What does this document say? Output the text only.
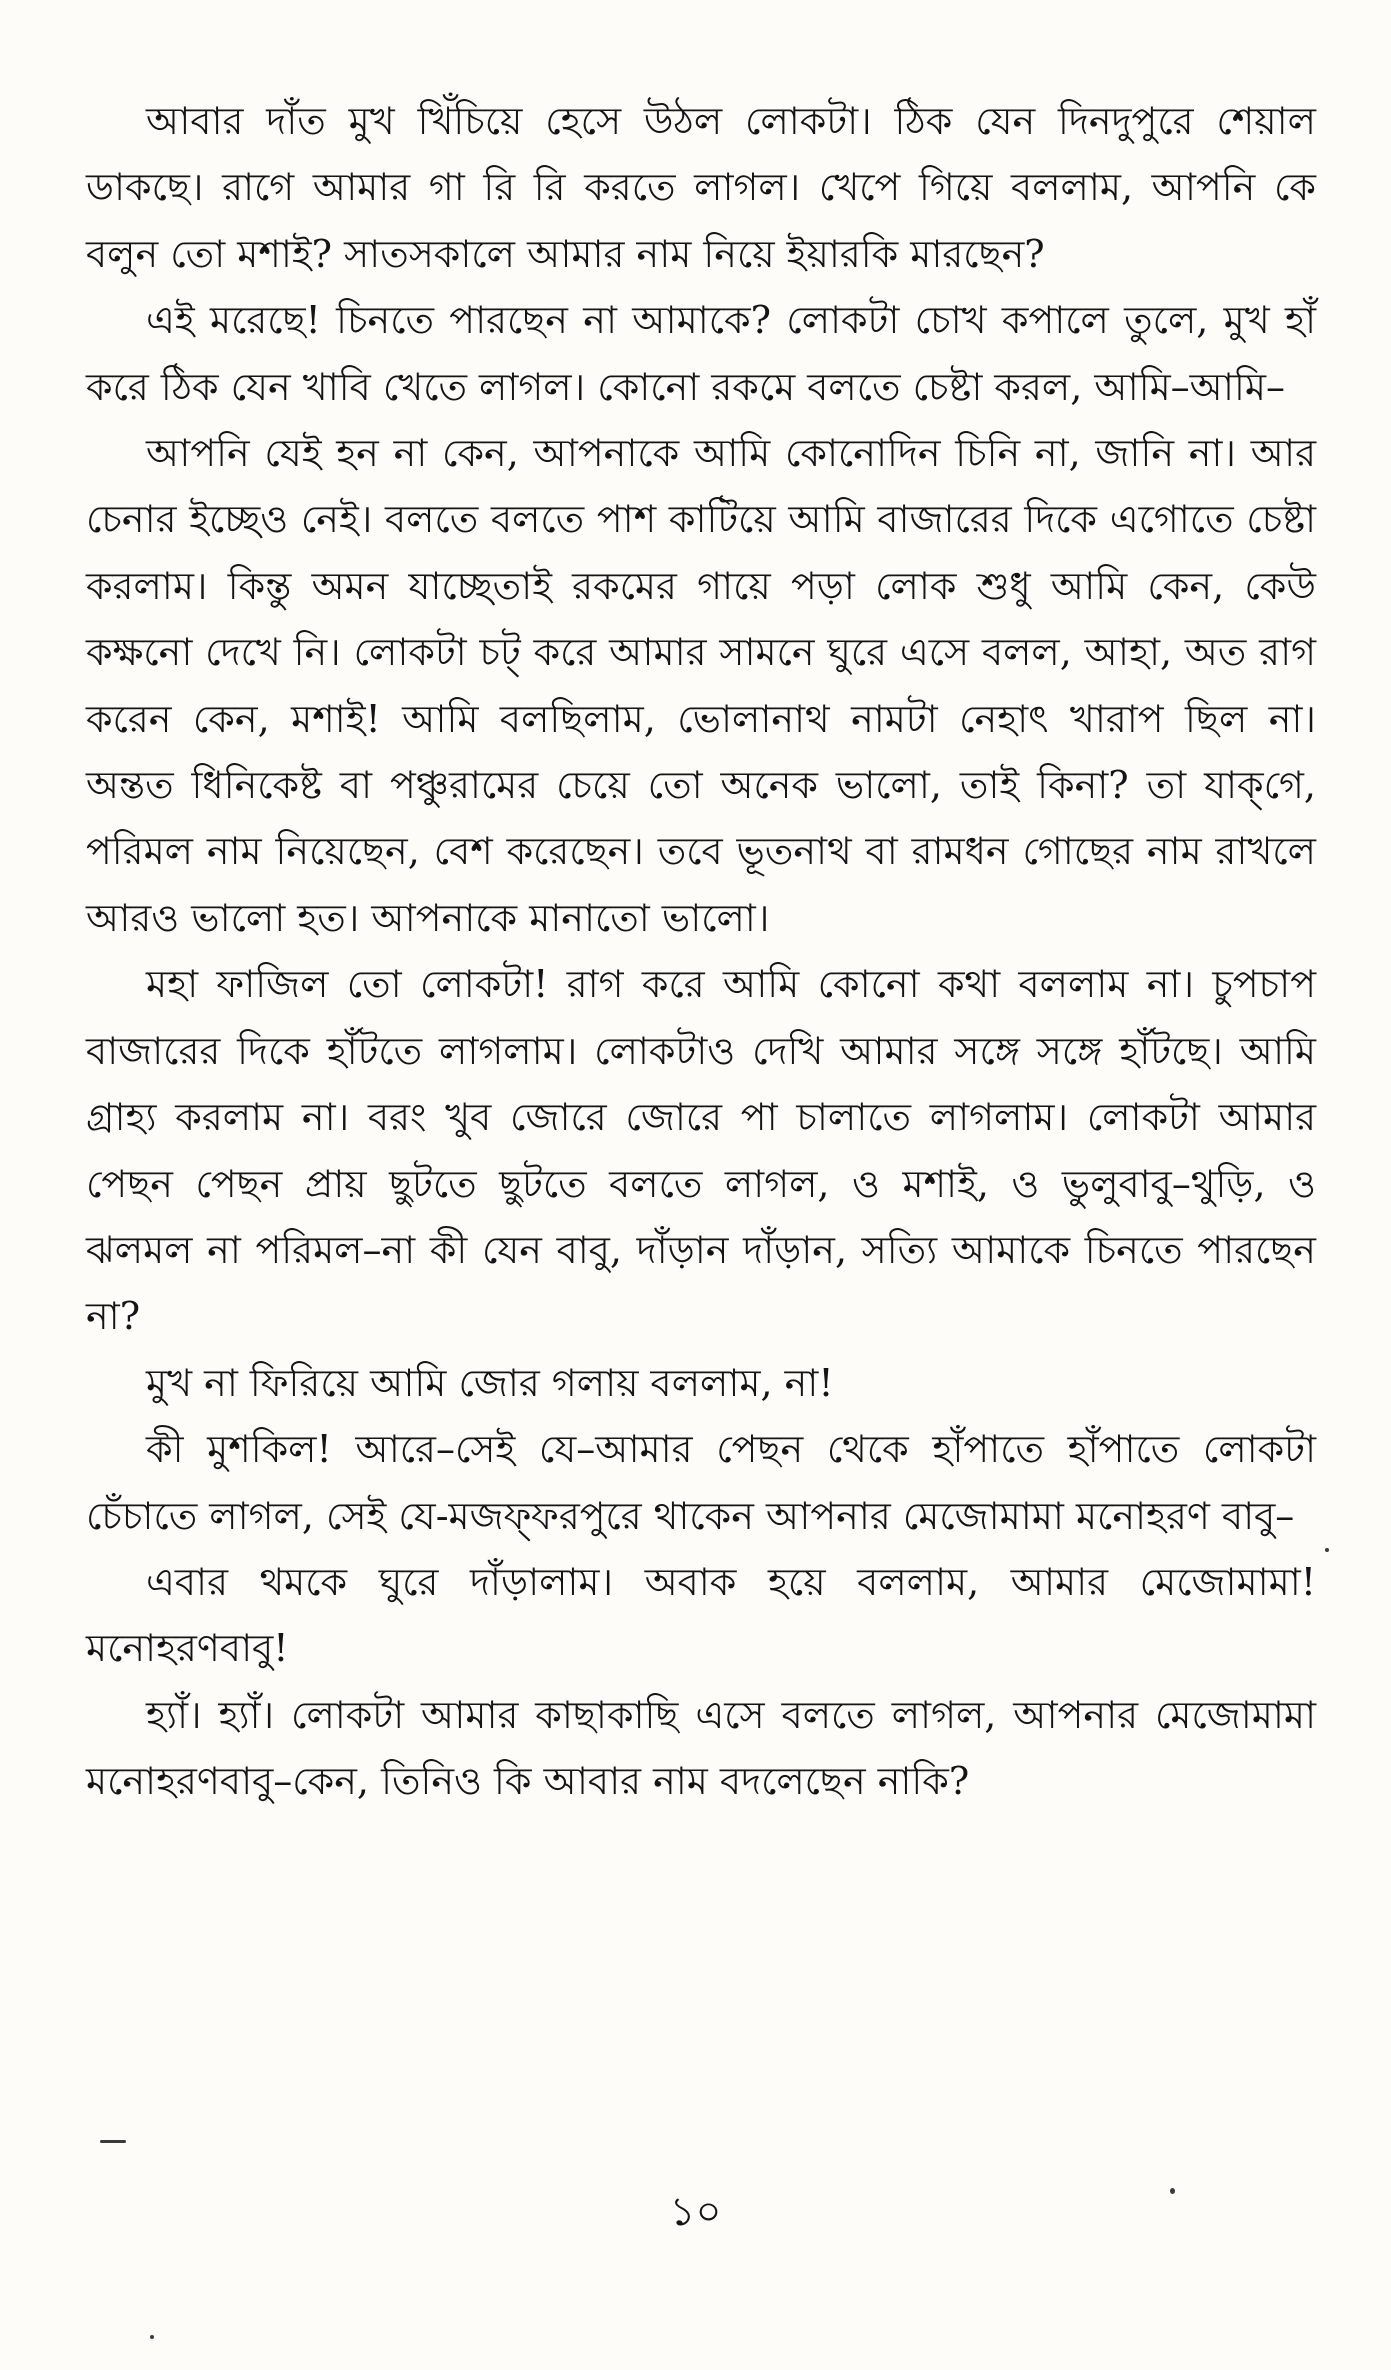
আবার দাঁত মুখ খিঁচিয়ে হেসে উঠল লোকটা। ঠিক যেন দিনদুপুরে শেয়াল ডাকছে। রাগে আমার গা রি রি করতে লাগল। খেপে গিয়ে বললাম, আপনি কে বলুন তো মশাই? সাতসকালে আমার নাম নিয়ে ইয়ারকি মারছেন?

এই মরেছে! চিনতে পারছেন না আমাকে? লোকটা চোখ কপালে তুলে, মুখ হাঁ করে ঠিক যেন খাবি খেতে লাগল। কোনো রকমে বলতে চেষ্টা করল, আমি–আমি–

আপনি যেই হন না কেন, আপনাকে আমি কোনোদিন চিনি না, জানি না। আর চেনার ইচ্ছেও নেই। বলতে বলতে পাশ কাটিয়ে আমি বাজারের দিকে এগোতে চেষ্টা করলাম। কিন্তু অমন যাচ্ছেতাই রকমের গায়ে পড়া লোক শুধু আমি কেন, কেউ কক্ষনো দেখে নি। লোকটা চট্ করে আমার সামনে ঘুরে এসে বলল, আহা, অত রাগ করেন কেন, মশাই! আমি বলছিলাম, ভোলানাথ নামটা নেহাৎ খারাপ ছিল না। অন্তত ধিনিকেষ্ট বা পঞ্চুরামের চেয়ে তো অনেক ভালো, তাই কিনা? তা যাক্‌গে, পরিমল নাম নিয়েছেন, বেশ করেছেন। তবে ভূতনাথ বা রামধন গোছের নাম রাখলে আরও ভালো হত। আপনাকে মানাতো ভালো।

মহা ফাজিল তো লোকটা! রাগ করে আমি কোনো কথা বললাম না। চুপচাপ বাজারের দিকে হাঁটতে লাগলাম। লোকটাও দেখি আমার সঙ্গে সঙ্গে হাঁটছে। আমি গ্রাহ্য করলাম না। বরং খুব জোরে জোরে পা চালাতে লাগলাম। লোকটা আমার পেছন পেছন প্রায় ছুটতে ছুটতে বলতে লাগল, ও মশাই, ও ভুলুবাবু–থুড়ি, ও ঝলমল না পরিমল–না কী যেন বাবু, দাঁড়ান দাঁড়ান, সত্যি আমাকে চিনতে পারছেন না?

মুখ না ফিরিয়ে আমি জোর গলায় বললাম, না!

কী মুশকিল! আরে–সেই যে–আমার পেছন থেকে হাঁপাতে হাঁপাতে লোকটা চেঁচাতে লাগল, সেই যে-মজফ্‌ফরপুরে থাকেন আপনার মেজোমামা মনোহরণ বাবু–

এবার থমকে ঘুরে দাঁড়ালাম। অবাক হয়ে বললাম, আমার মেজোমামা! মনোহরণবাবু!

হ্যাঁ। হ্যাঁ। লোকটা আমার কাছাকাছি এসে বলতে লাগল, আপনার মেজোমামা মনোহরণবাবু–কেন, তিনিও কি আবার নাম বদলেছেন নাকি?

১০
